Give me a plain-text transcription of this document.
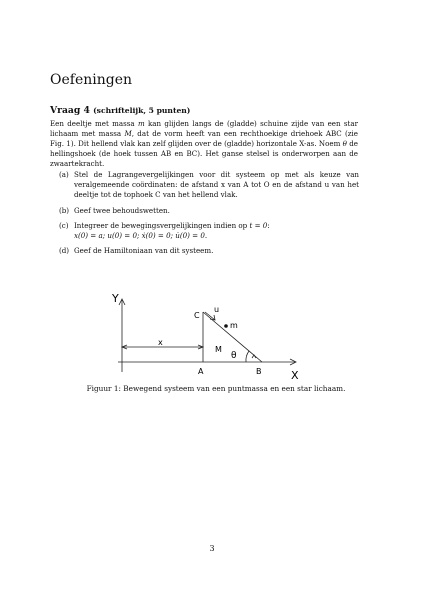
Oefeningen
Vraag 4 (schriftelijk, 5 punten)
Een deeltje met massa m kan glijden langs de (gladde) schuine zijde van een star lichaam met massa M, dat de vorm heeft van een rechthoekige driehoek ABC (zie Fig. 1). Dit hellend vlak kan zelf glijden over de (gladde) horizontale X-as. Noem θ de hellingshoek (de hoek tussen AB en BC). Het ganse stelsel is onderworpen aan de zwaartekracht.
(a) Stel de Lagrangevergelijkingen voor dit systeem op met als keuze van veralgemeende coördinaten: de afstand x van A tot O en de afstand u van het deeltje tot de tophoek C van het hellend vlak.
(b) Geef twee behoudswetten.
(c) Integreer de bewegingsvergelijkingen indien op t = 0:
x(0) = a; u(0) = 0; ẋ(0) = 0; u̇(0) = 0.
(d) Geef de Hamiltoniaan van dit systeem.
Y
X
C
u
m
x
M
θ
A	B
Figuur 1: Bewegend systeem van een puntmassa en een star lichaam.
3
